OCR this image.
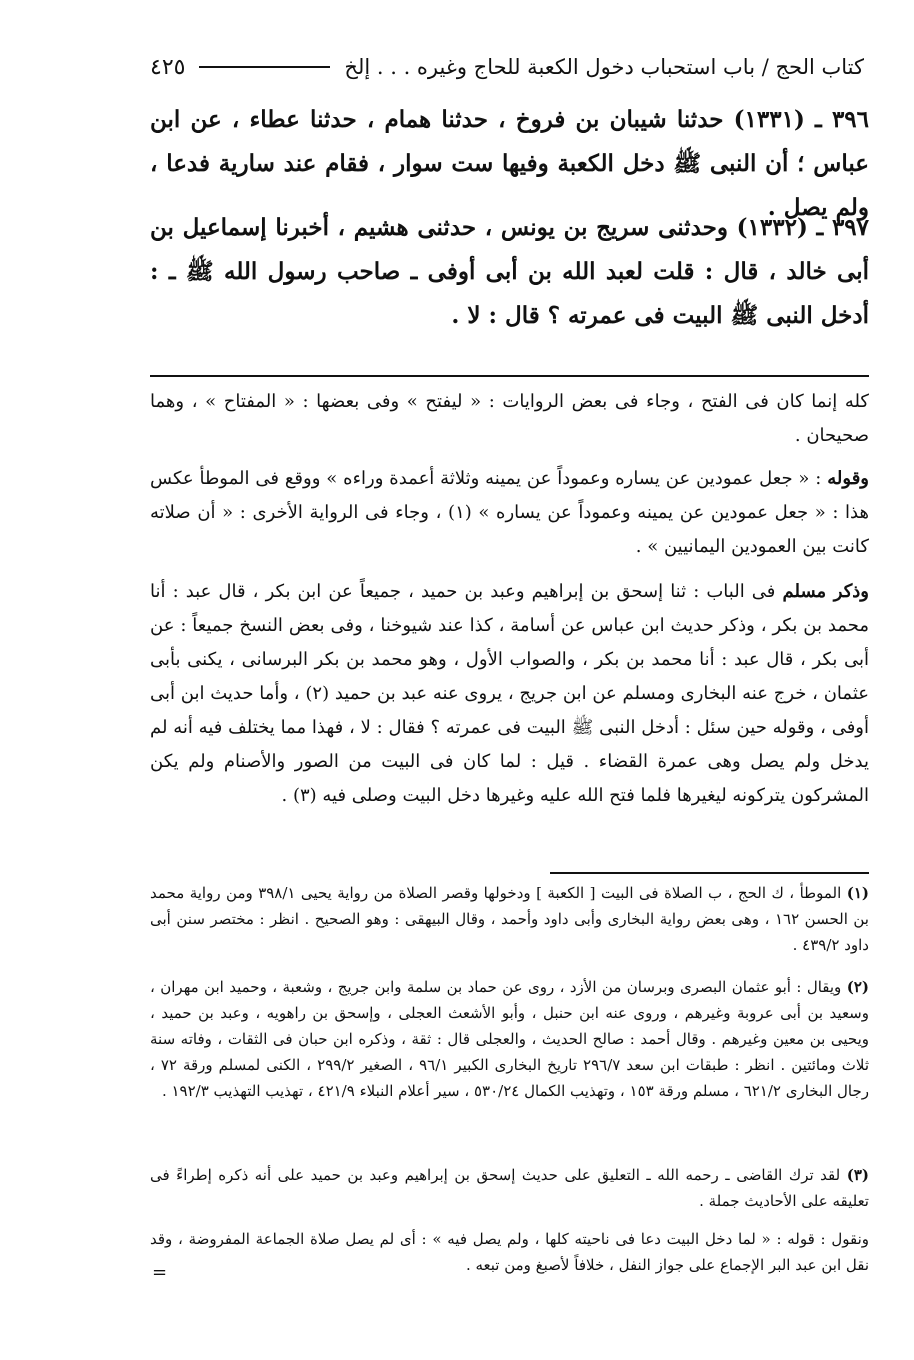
كتاب الحج / باب استحباب دخول الكعبة للحاج وغيره . . . إلخ
٤٢٥

٣٩٦ ـ (١٣٣١) حدثنا شيبان بن فروخ ، حدثنا همام ، حدثنا عطاء ، عن ابن عباس ؛ أن النبى ﷺ دخل الكعبة وفيها ست سوار ، فقام عند سارية فدعا ، ولم يصل .

٣٩٧ ـ (١٣٣٢) وحدثنى سريج بن يونس ، حدثنى هشيم ، أخبرنا إسماعيل بن أبى خالد ، قال : قلت لعبد الله بن أبى أوفى ـ صاحب رسول الله ﷺ ـ : أدخل النبى ﷺ البيت فى عمرته ؟ قال : لا .

كله إنما كان فى الفتح ، وجاء فى بعض الروايات : « ليفتح » وفى بعضها : « المفتاح » ، وهما صحيحان .

وقوله : « جعل عمودين عن يساره وعموداً عن يمينه وثلاثة أعمدة وراءه » ووقع فى الموطأ عكس هذا : « جعل عمودين عن يمينه وعموداً عن يساره » (١) ، وجاء فى الرواية الأخرى : « أن صلاته كانت بين العمودين اليمانيين » .

وذكر مسلم فى الباب : ثنا إسحق بن إبراهيم وعبد بن حميد ، جميعاً عن ابن بكر ، قال عبد : أنا محمد بن بكر ، وذكر حديث ابن عباس عن أسامة ، كذا عند شيوخنا ، وفى بعض النسخ جميعاً : عن أبى بكر ، قال عبد : أنا محمد بن بكر ، والصواب الأول ، وهو محمد بن بكر البرسانى ، يكنى بأبى عثمان ، خرج عنه البخارى ومسلم عن ابن جريج ، يروى عنه عبد بن حميد (٢) ، وأما حديث ابن أبى أوفى ، وقوله حين سئل : أدخل النبى ﷺ البيت فى عمرته ؟ فقال : لا ، فهذا مما يختلف فيه أنه لم يدخل ولم يصل وهى عمرة القضاء . قيل : لما كان فى البيت من الصور والأصنام ولم يكن المشركون يتركونه ليغيرها فلما فتح الله عليه وغيرها دخل البيت وصلى فيه (٣) .

(١) الموطأ ، ك الحج ، ب الصلاة فى البيت [ الكعبة ] ودخولها وقصر الصلاة من رواية يحيى ٣٩٨/١ ومن رواية محمد بن الحسن ١٦٢ ، وهى بعض رواية البخارى وأبى داود وأحمد ، وقال البيهقى : وهو الصحيح . انظر : مختصر سنن أبى داود ٤٣٩/٢ .

(٢) ويقال : أبو عثمان البصرى وبرسان من الأزد ، روى عن حماد بن سلمة وابن جريج ، وشعبة ، وحميد ابن مهران ، وسعيد بن أبى عروبة وغيرهم ، وروى عنه ابن حنبل ، وأبو الأشعث العجلى ، وإسحق بن راهويه ، وعبد بن حميد ، ويحيى بن معين وغيرهم . وقال أحمد : صالح الحديث ، والعجلى قال : ثقة ، وذكره ابن حبان فى الثقات ، وفاته سنة ثلاث ومائتين . انظر : طبقات ابن سعد ٢٩٦/٧ تاريخ البخارى الكبير ٩٦/١ ، الصغير ٢٩٩/٢ ، الكنى لمسلم ورقة ٧٢ ، رجال البخارى ٦٢١/٢ ، مسلم ورقة ١٥٣ ، وتهذيب الكمال ٥٣٠/٢٤ ، سير أعلام النبلاء ٤٢١/٩ ، تهذيب التهذيب ١٩٢/٣ .

(٣) لقد ترك القاضى ـ رحمه الله ـ التعليق على حديث إسحق بن إبراهيم وعبد بن حميد على أنه ذكره إطراءً فى تعليقه على الأحاديث جملة .

ونقول : قوله : « لما دخل البيت دعا فى ناحيته كلها ، ولم يصل فيه » : أى لم يصل صلاة الجماعة المفروضة ، وقد نقل ابن عبد البر الإجماع على جواز النفل ، خلافاً لأصبغ ومن تبعه .

=
